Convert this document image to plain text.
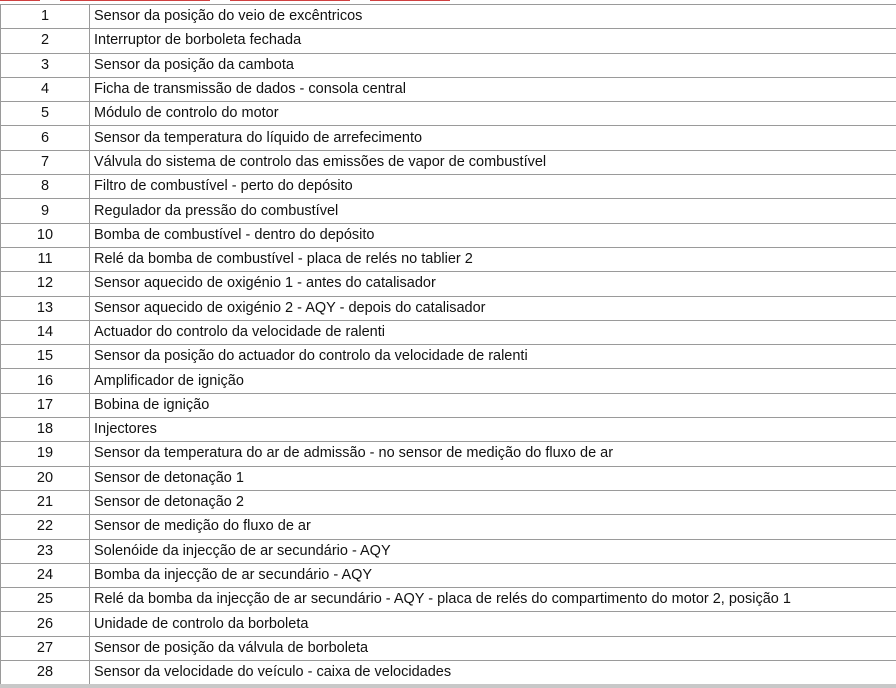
1	Sensor da posição do veio de excêntricos
2	Interruptor de borboleta fechada
3	Sensor da posição da cambota
4	Ficha de transmissão de dados - consola central
5	Módulo de controlo do motor
6	Sensor da temperatura do líquido de arrefecimento
7	Válvula do sistema de controlo das emissões de vapor de combustível
8	Filtro de combustível - perto do depósito
9	Regulador da pressão do combustível
10	Bomba de combustível - dentro do depósito
11	Relé da bomba de combustível - placa de relés no tablier 2
12	Sensor aquecido de oxigénio 1 - antes do catalisador
13	Sensor aquecido de oxigénio 2 - AQY - depois do catalisador
14	Actuador do controlo da velocidade de ralenti
15	Sensor da posição do actuador do controlo da velocidade de ralenti
16	Amplificador de ignição
17	Bobina de ignição
18	Injectores
19	Sensor da temperatura do ar de admissão - no sensor de medição do fluxo de ar
20	Sensor de detonação 1
21	Sensor de detonação 2
22	Sensor de medição do fluxo de ar
23	Solenóide da injecção de ar secundário - AQY
24	Bomba da injecção de ar secundário - AQY
25	Relé da bomba da injecção de ar secundário - AQY - placa de relés do compartimento do motor 2, posição 1
26	Unidade de controlo da borboleta
27	Sensor de posição da válvula de borboleta
28	Sensor da velocidade do veículo - caixa de velocidades
